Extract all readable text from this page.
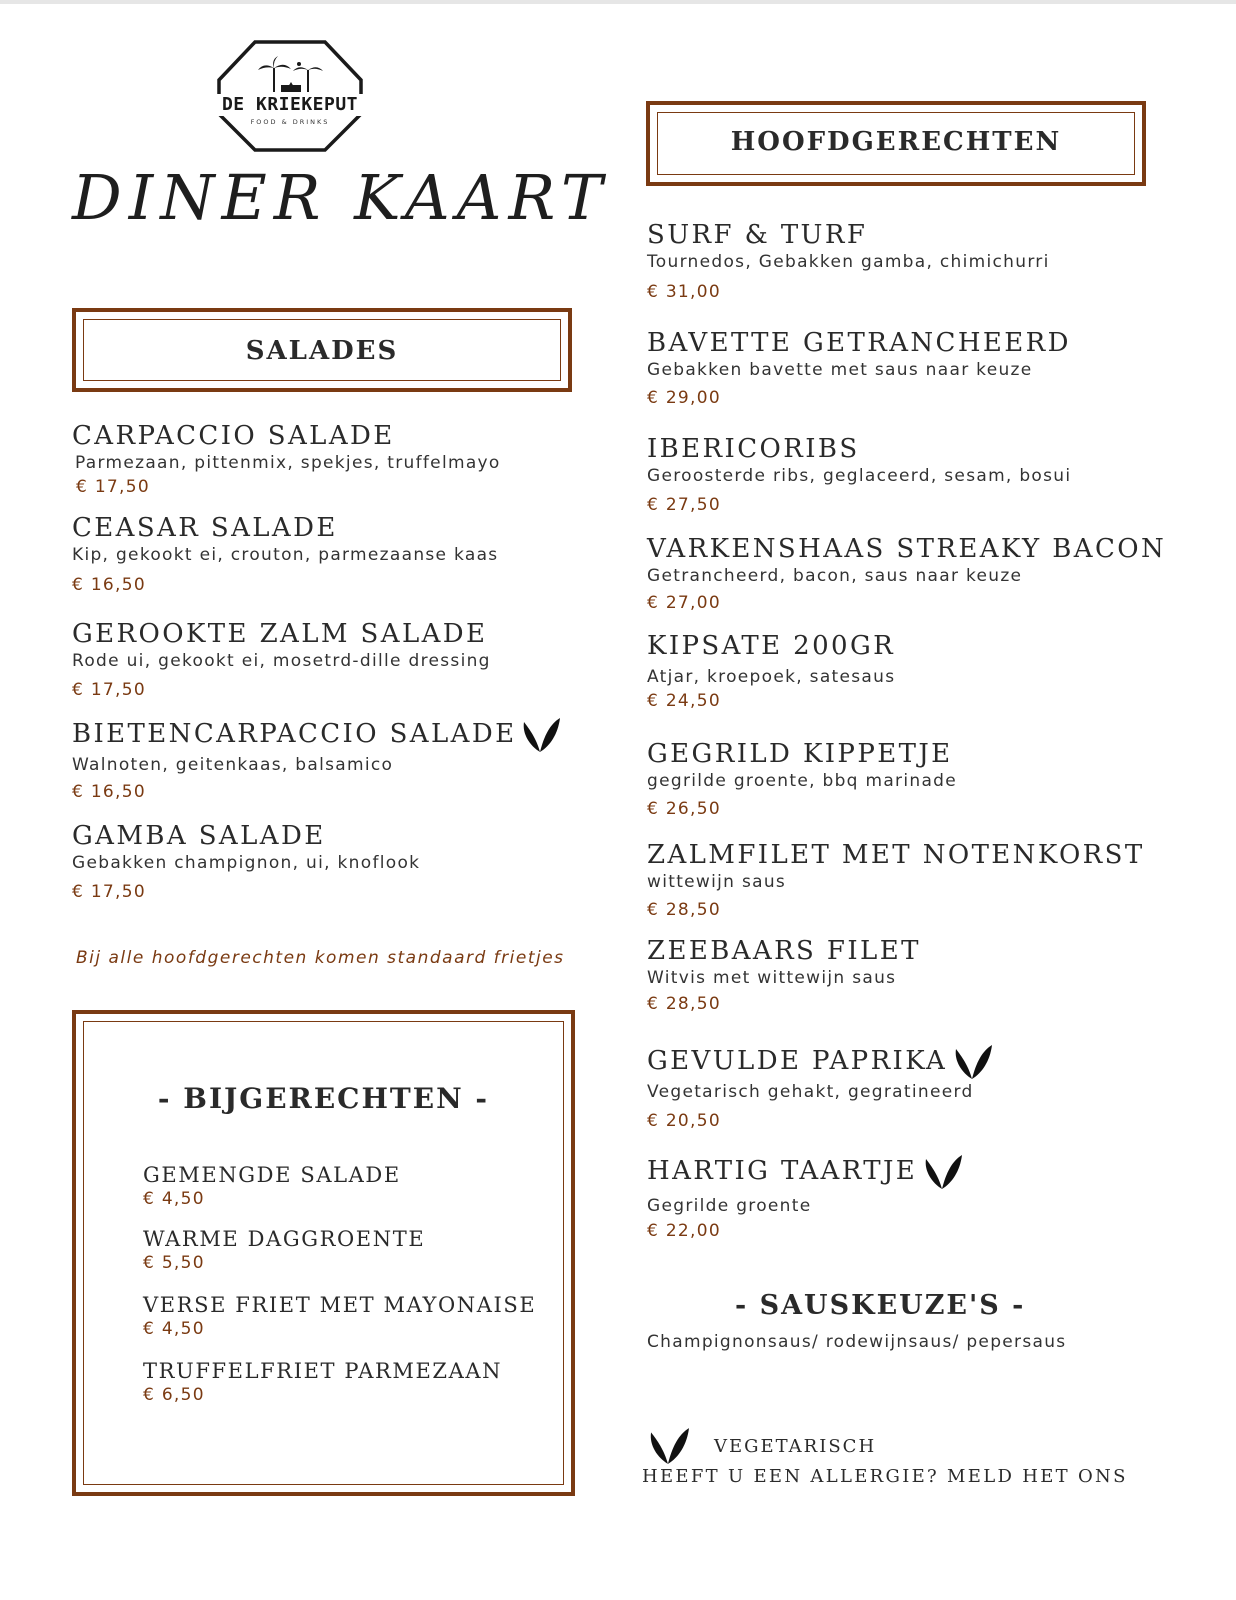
DE KRIEKEPUT
FOOD & DRINKS
DINER KAART
SALADES
CARPACCIO SALADE
Parmezaan, pittenmix, spekjes, truffelmayo
€ 17,50
CEASAR SALADE
Kip, gekookt ei, crouton, parmezaanse kaas
€ 16,50
GEROOKTE ZALM SALADE
Rode ui, gekookt ei, mosetrd-dille dressing
€ 17,50
BIETENCARPACCIO SALADE
Walnoten, geitenkaas, balsamico
€ 16,50
GAMBA SALADE
Gebakken champignon, ui, knoflook
€ 17,50
Bij alle hoofdgerechten komen standaard frietjes
- BIJGERECHTEN -
GEMENGDE SALADE
€ 4,50
WARME DAGGROENTE
€ 5,50
VERSE FRIET MET MAYONAISE
€ 4,50
TRUFFELFRIET PARMEZAAN
€ 6,50
HOOFDGERECHTEN
SURF & TURF
Tournedos, Gebakken gamba, chimichurri
€ 31,00
BAVETTE GETRANCHEERD
Gebakken bavette met saus naar keuze
€ 29,00
IBERICORIBS
Geroosterde ribs, geglaceerd, sesam, bosui
€ 27,50
VARKENSHAAS STREAKY BACON
Getrancheerd, bacon, saus naar keuze
€ 27,00
KIPSATE 200GR
Atjar, kroepoek, satesaus
€ 24,50
GEGRILD KIPPETJE
gegrilde groente, bbq marinade
€ 26,50
ZALMFILET MET NOTENKORST
wittewijn saus
€ 28,50
ZEEBAARS FILET
Witvis met wittewijn saus
€ 28,50
GEVULDE PAPRIKA
Vegetarisch gehakt, gegratineerd
€ 20,50
HARTIG TAARTJE
Gegrilde groente
€ 22,00
- SAUSKEUZE'S -
Champignonsaus/ rodewijnsaus/ pepersaus
VEGETARISCH
HEEFT U EEN ALLERGIE? MELD HET ONS
